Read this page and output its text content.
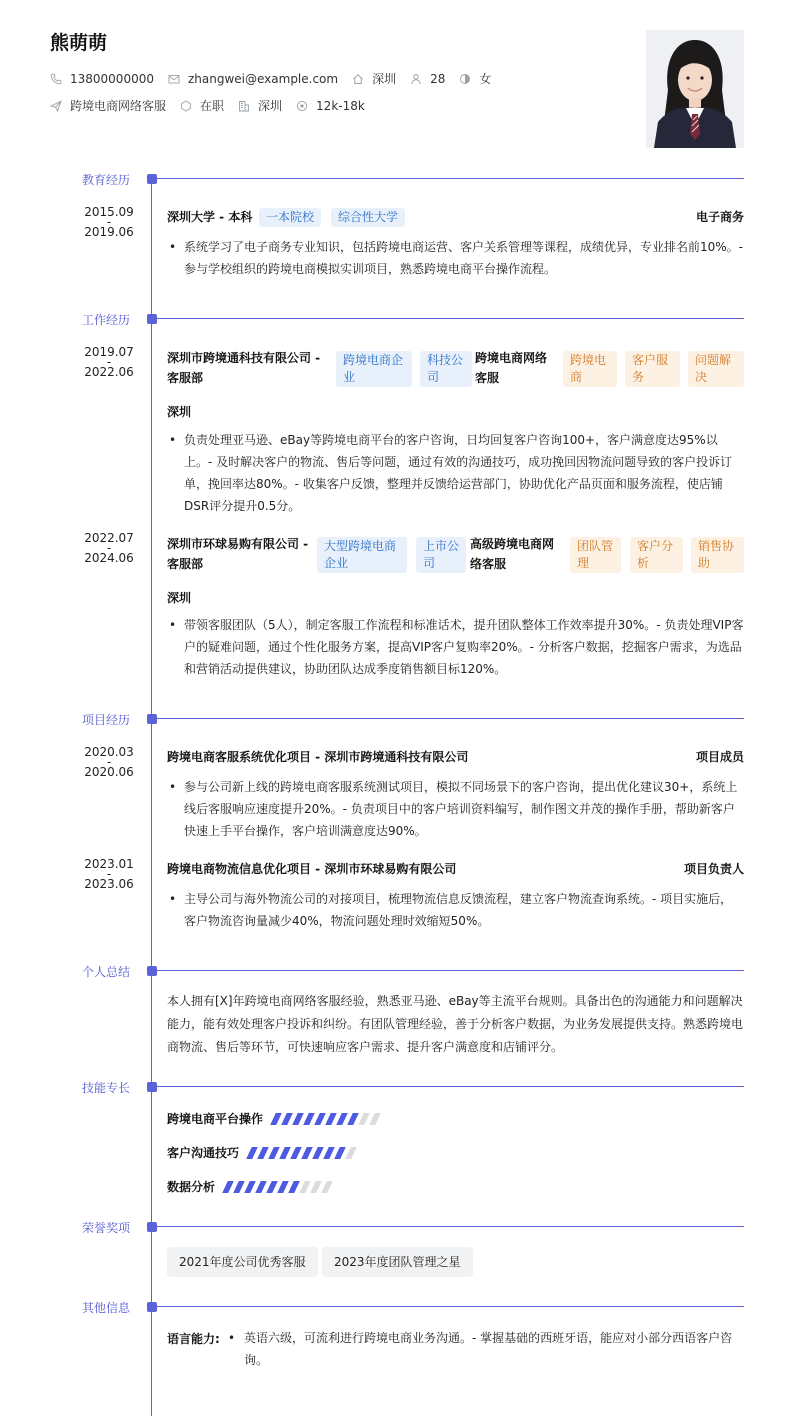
熊萌萌
13800000000	zhangwei@example.com	深圳	28	女
跨境电商网络客服	在职	深圳	12k-18k
教育经历
2015.09
-
2019.06
深圳大学 - 本科	一本院校	综合性大学	电子商务
• 系统学习了电子商务专业知识，包括跨境电商运营、客户关系管理等课程，成绩优异，专业排名前10%。- 参与学校组织的跨境电商模拟实训项目，熟悉跨境电商平台操作流程。
工作经历
2019.07
-
2022.06
深圳市跨境通科技有限公司 -
客服部
跨境电商企
业
科技公
司
跨境电商网络
客服
跨境电
商
客户服
务
问题解
决
深圳
• 负责处理亚马逊、eBay等跨境电商平台的客户咨询，日均回复客户咨询100+，客户满意度达95%以上。- 及时解决客户的物流、售后等问题，通过有效的沟通技巧，成功挽回因物流问题导致的客户投诉订单，挽回率达80%。- 收集客户反馈，整理并反馈给运营部门，协助优化产品页面和服务流程，使店铺DSR评分提升0.5分。
2022.07
-
2024.06
深圳市环球易购有限公司 -
客服部
大型跨境电商
企业
上市公
司
高级跨境电商网
络客服
团队管
理
客户分
析
销售协
助
深圳
• 带领客服团队（5人），制定客服工作流程和标准话术，提升团队整体工作效率提升30%。- 负责处理VIP客户的疑难问题，通过个性化服务方案，提高VIP客户复购率20%。- 分析客户数据，挖掘客户需求，为选品和营销活动提供建议，协助团队达成季度销售额目标120%。
项目经历
2020.03
-
2020.06
跨境电商客服系统优化项目 - 深圳市跨境通科技有限公司	项目成员
• 参与公司新上线的跨境电商客服系统测试项目，模拟不同场景下的客户咨询，提出优化建议30+，系统上线后客服响应速度提升20%。- 负责项目中的客户培训资料编写，制作图文并茂的操作手册，帮助新客户快速上手平台操作，客户培训满意度达90%。
2023.01
-
2023.06
跨境电商物流信息优化项目 - 深圳市环球易购有限公司	项目负责人
• 主导公司与海外物流公司的对接项目，梳理物流信息反馈流程，建立客户物流查询系统。- 项目实施后，客户物流咨询量减少40%，物流问题处理时效缩短50%。
个人总结
本人拥有[X]年跨境电商网络客服经验，熟悉亚马逊、eBay等主流平台规则。具备出色的沟通能力和问题解决能力，能有效处理客户投诉和纠纷。有团队管理经验，善于分析客户数据，为业务发展提供支持。熟悉跨境电商物流、售后等环节，可快速响应客户需求、提升客户满意度和店铺评分。
技能专长
跨境电商平台操作
客户沟通技巧
数据分析
荣誉奖项
2021年度公司优秀客服	2023年度团队管理之星
其他信息
语言能力:
•	英语六级，可流利进行跨境电商业务沟通。- 掌握基础的西班牙语，能应对小部分西语客户咨询。
